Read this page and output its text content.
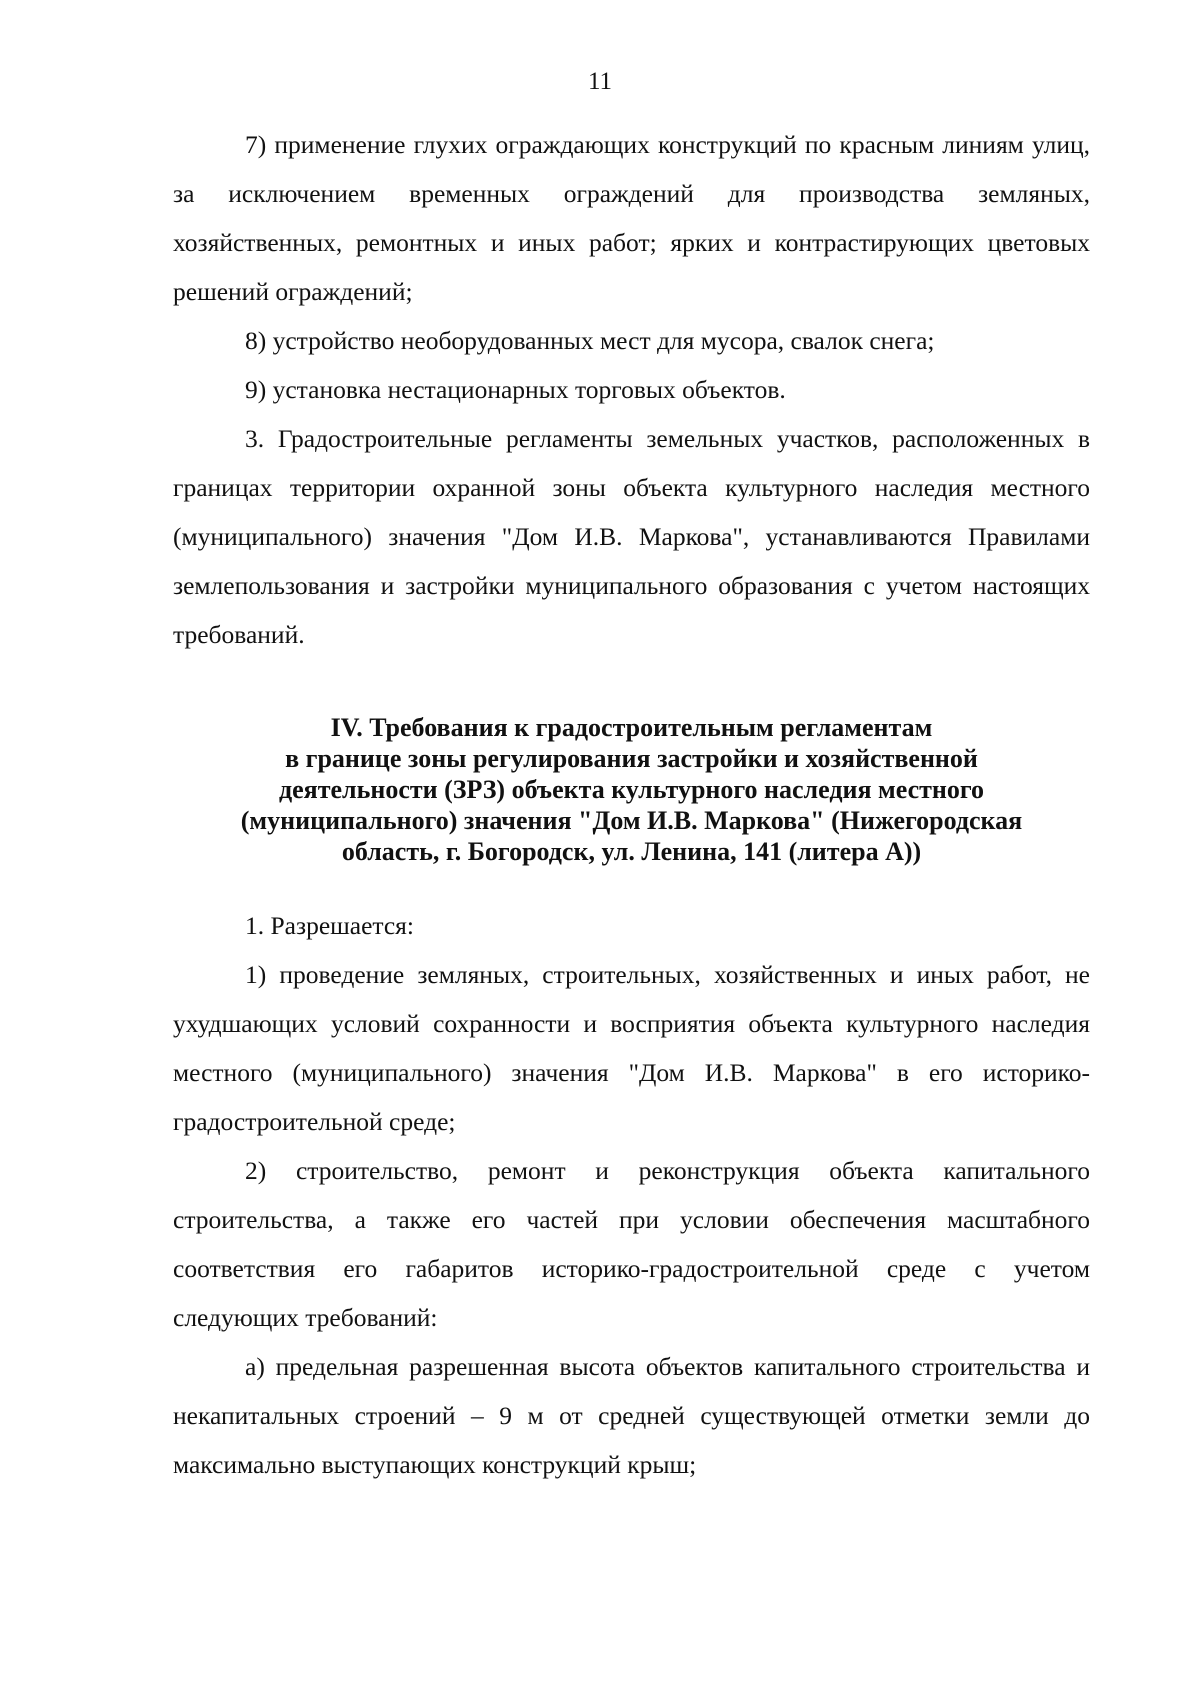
11

7) применение глухих ограждающих конструкций по красным линиям улиц, за исключением временных ограждений для производства земляных, хозяйственных, ремонтных и иных работ; ярких и контрастирующих цветовых решений ограждений;

8) устройство необорудованных мест для мусора, свалок снега;

9) установка нестационарных торговых объектов.

3. Градостроительные регламенты земельных участков, расположенных в границах территории охранной зоны объекта культурного наследия местного (муниципального) значения "Дом И.В. Маркова", устанавливаются Правилами землепользования и застройки муниципального образования с учетом настоящих требований.

IV. Требования к градостроительным регламентам
в границе зоны регулирования застройки и хозяйственной
деятельности (ЗРЗ) объекта культурного наследия местного
(муниципального) значения "Дом И.В. Маркова" (Нижегородская
область, г. Богородск, ул. Ленина, 141 (литера А))

1. Разрешается:

1) проведение земляных, строительных, хозяйственных и иных работ, не ухудшающих условий сохранности и восприятия объекта культурного наследия местного (муниципального) значения "Дом И.В. Маркова" в его историко-градостроительной среде;

2) строительство, ремонт и реконструкция объекта капитального строительства, а также его частей при условии обеспечения масштабного соответствия его габаритов историко-градостроительной среде с учетом следующих требований:

а) предельная разрешенная высота объектов капитального строительства и некапитальных строений – 9 м от средней существующей отметки земли до максимально выступающих конструкций крыш;
